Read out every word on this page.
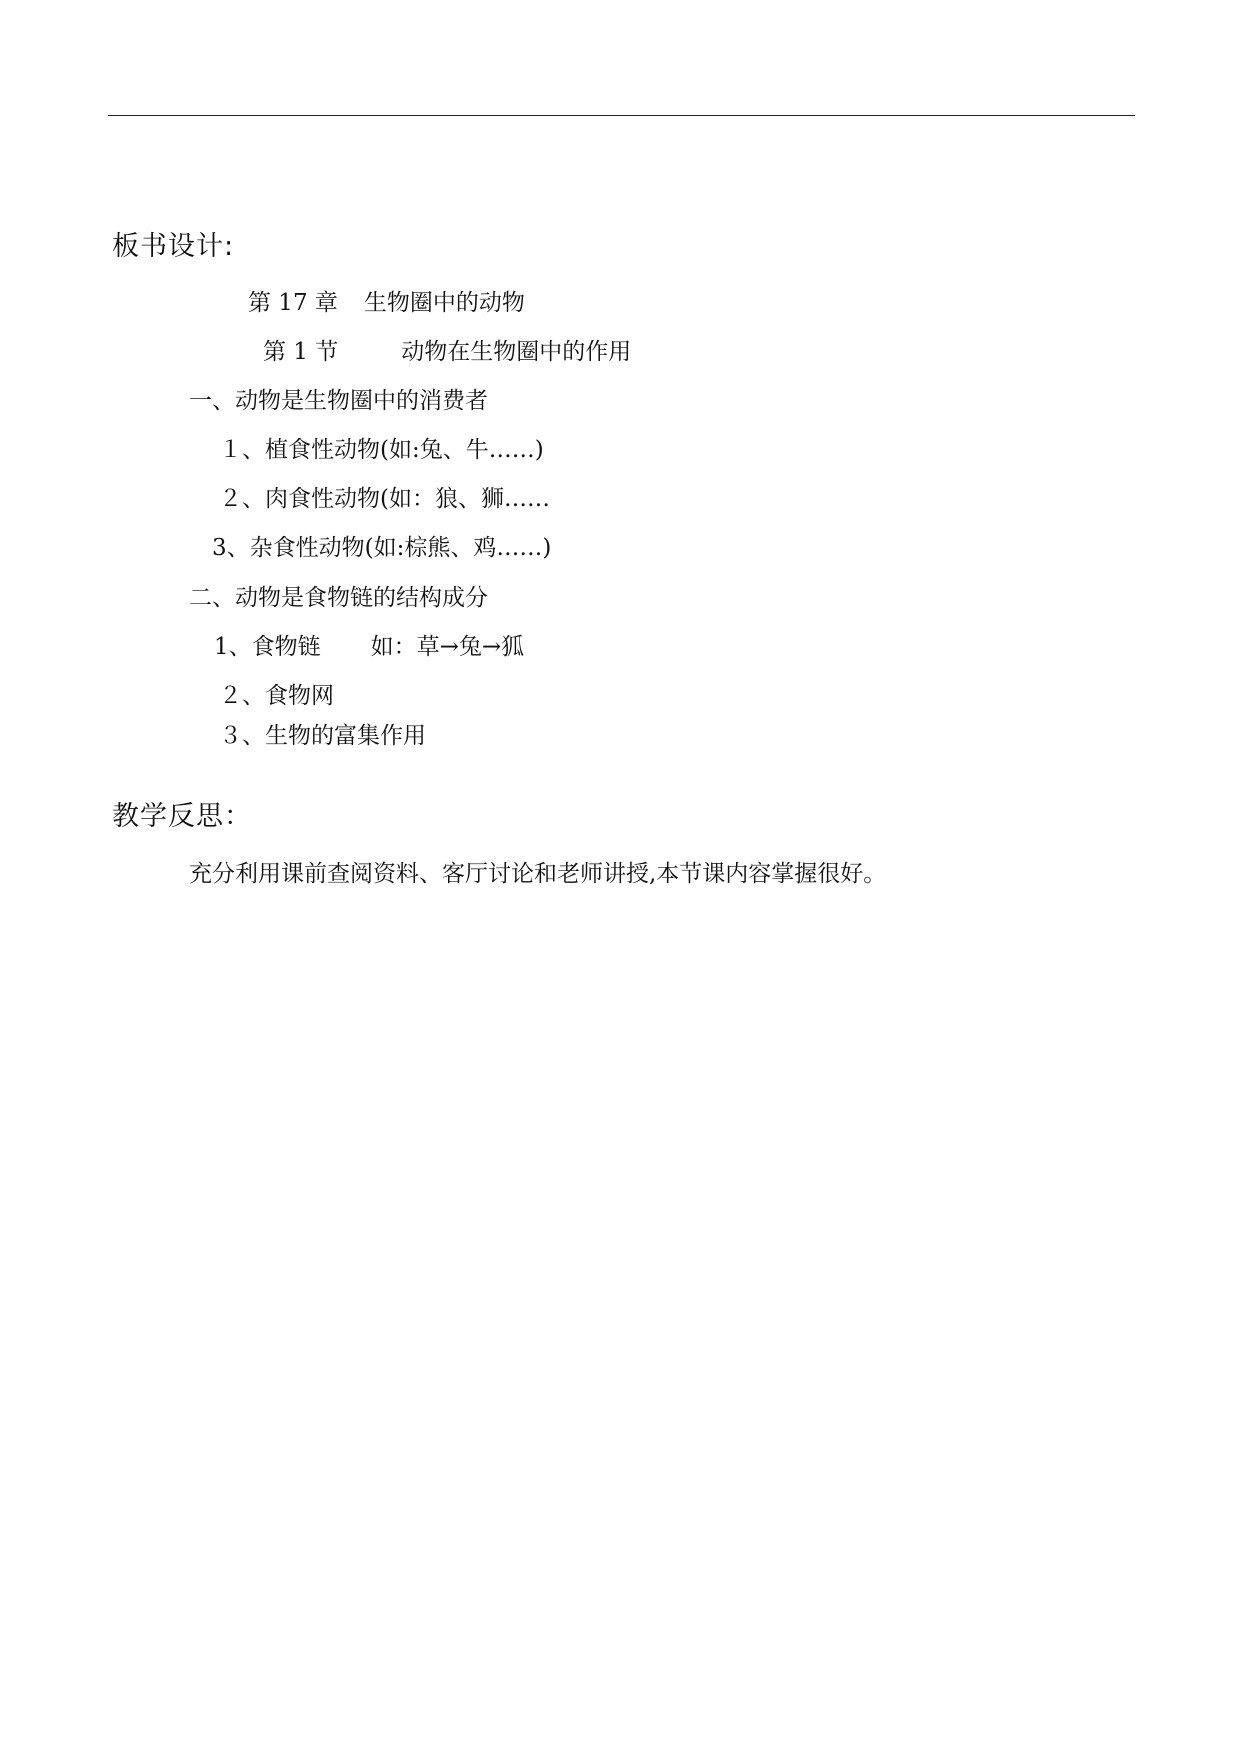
板书设计:
第 17 章 生物圈中的动物
第 1 节	动物在生物圈中的作用
一、动物是生物圈中的消费者
１、植食性动物(如:兔、牛……)
２、肉食性动物(如：狼、狮……
3、杂食性动物(如:棕熊、鸡……)
二、动物是食物链的结构成分
1、食物链 如：草→兔→狐
２、食物网
３、生物的富集作用
教学反思：
充分利用课前查阅资料、客厅讨论和老师讲授,本节课内容掌握很好。
